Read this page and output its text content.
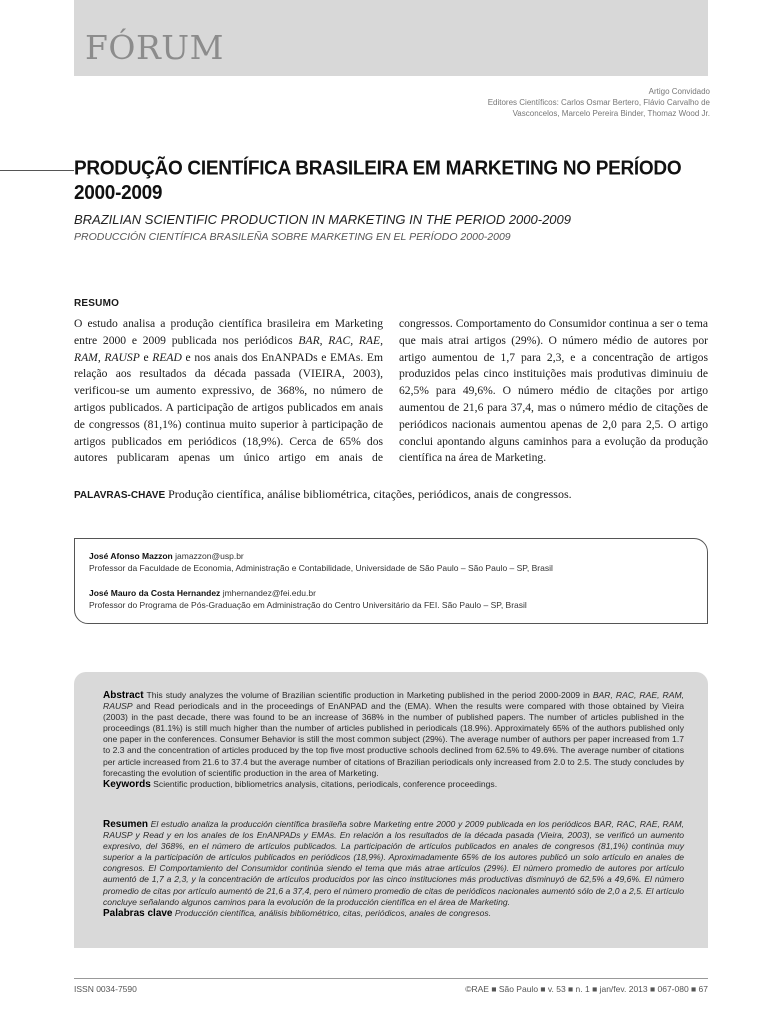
FÓRUM
Artigo Convidado
Editores Científicos: Carlos Osmar Bertero, Flávio Carvalho de
Vasconcelos, Marcelo Pereira Binder, Thomaz Wood Jr.
PRODUÇÃO CIENTÍFICA BRASILEIRA EM MARKETING NO PERÍODO
2000-2009
BRAZILIAN SCIENTIFIC PRODUCTION IN MARKETING IN THE PERIOD 2000-2009
PRODUCCIÓN CIENTÍFICA BRASILEÑA SOBRE MARKETING EN EL PERÍODO 2000-2009
RESUMO
O estudo analisa a produção científica brasileira em Marketing entre 2000 e 2009 publicada nos periódicos BAR, RAC, RAE, RAM, RAUSP e READ e nos anais dos EnANPADs e EMAs. Em relação aos resultados da década passada (VIEIRA, 2003), verificou-se um aumento expressivo, de 368%, no número de artigos publicados. A participação de artigos publicados em anais de congressos (81,1%) continua muito superior à participação de artigos publicados em periódicos (18,9%). Cerca de 65% dos autores publicaram apenas um único artigo em anais de congressos. Comportamento do Consumidor continua a ser o tema que mais atrai artigos (29%). O número médio de autores por artigo aumentou de 1,7 para 2,3, e a concentração de artigos produzidos pelas cinco instituições mais produtivas diminuiu de 62,5% para 49,6%. O número médio de citações por artigo aumentou de 21,6 para 37,4, mas o número médio de citações de periódicos nacionais aumentou apenas de 2,0 para 2,5. O artigo conclui apontando alguns caminhos para a evolução da produção científica na área de Marketing.
PALAVRAS-CHAVE Produção científica, análise bibliométrica, citações, periódicos, anais de congressos.
José Afonso Mazzon jamazzon@usp.br
Professor da Faculdade de Economia, Administração e Contabilidade, Universidade de São Paulo – São Paulo – SP, Brasil
José Mauro da Costa Hernandez jmhernandez@fei.edu.br
Professor do Programa de Pós-Graduação em Administração do Centro Universitário da FEI. São Paulo – SP, Brasil
Abstract This study analyzes the volume of Brazilian scientific production in Marketing published in the period 2000-2009 in BAR, RAC, RAE, RAM, RAUSP and Read periodicals and in the proceedings of EnANPAD and the (EMA). When the results were compared with those obtained by Vieira (2003) in the past decade, there was found to be an increase of 368% in the number of published papers. The number of articles published in the proceedings (81.1%) is still much higher than the number of articles published in periodicals (18.9%). Approximately 65% of the authors published only one paper in the conferences. Consumer Behavior is still the most common subject (29%). The average number of authors per paper increased from 1.7 to 2.3 and the concentration of articles produced by the top five most productive schools declined from 62.5% to 49.6%. The average number of citations per article increased from 21.6 to 37.4 but the average number of citations of Brazilian periodicals only increased from 2.0 to 2.5. The study concludes by forecasting the evolution of scientific production in the area of Marketing.
Keywords Scientific production, bibliometrics analysis, citations, periodicals, conference proceedings.
Resumen El estudio analiza la producción científica brasileña sobre Marketing entre 2000 y 2009 publicada en los periódicos BAR, RAC, RAE, RAM, RAUSP y Read y en los anales de los EnANPADs y EMAs. En relación a los resultados de la década pasada (Vieira, 2003), se verificó un aumento expresivo, del 368%, en el número de artículos publicados. La participación de artículos publicados en anales de congresos (81,1%) continúa muy superior a la participación de artículos publicados en periódicos (18,9%). Aproximadamente 65% de los autores publicó un solo artículo en anales de congresos. El Comportamiento del Consumidor continúa siendo el tema que más atrae artículos (29%). El número promedio de autores por artículo aumentó de 1,7 a 2,3, y la concentración de artículos producidos por las cinco instituciones más productivas disminuyó de 62,5% a 49,6%. El número promedio de citas por artículo aumentó de 21,6 a 37,4, pero el número promedio de citas de periódicos nacionales aumentó sólo de 2,0 a 2,5. El artículo concluye señalando algunos caminos para la evolución de la producción científica en el área de Marketing.
Palabras clave Producción científica, análisis bibliométrico, citas, periódicos, anales de congresos.
ISSN 0034-7590	©RAE ■ São Paulo ■ v. 53 ■ n. 1 ■ jan/fev. 2013 ■ 067-080 ■ 67
